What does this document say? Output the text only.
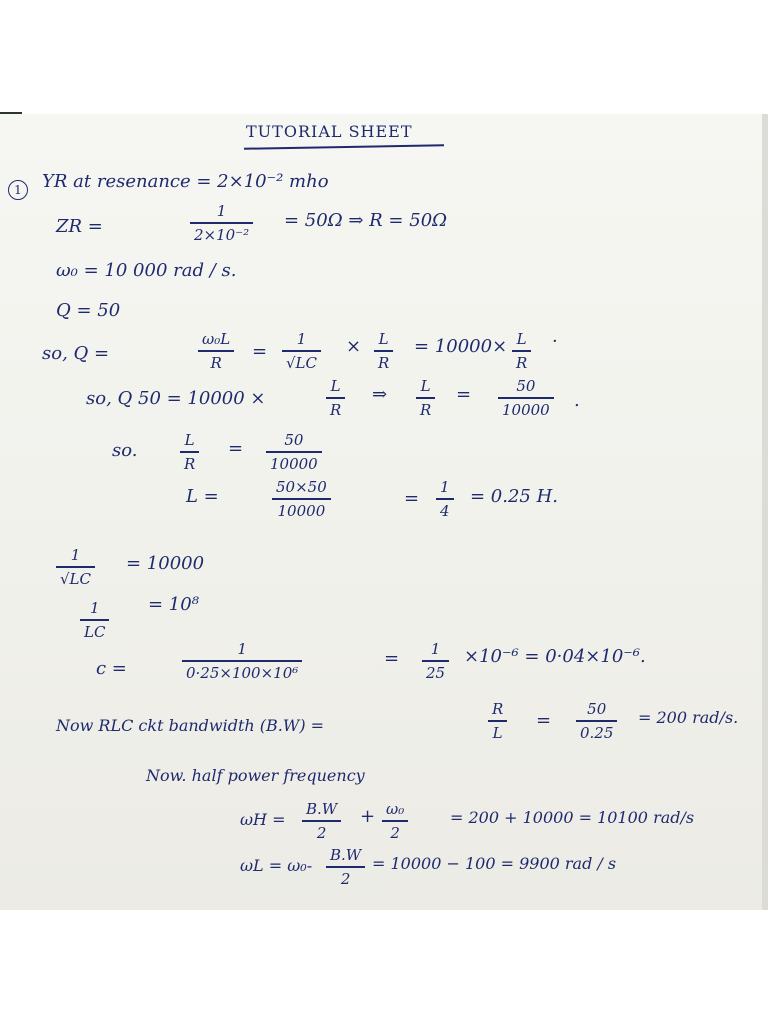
TUTORIAL SHEET
1	YR at resenance = 2×10⁻² mho
ZR =
1
2×10⁻²
= 50Ω ⇒ R = 50Ω
ω₀ = 10 000 rad / s.
Q = 50
so, Q =
ω₀L
R
=
1
√LC
× L
R
= 10000× L
R
·
so, Q 50 = 10000 ×
L
R
⇒ L
R
=	50
10000 .
so.	L
R
=	50
10000
L =	50×50
10000
=
1
4
= 0.25 H.
1
√LC
= 10000
1
LC
= 10⁸
c =
1
0·25×100×10⁶
= 1
25
×10⁻⁶ = 0·04×10⁻⁶.
Now RLC ckt bandwidth (B.W) =
R
L
=
50
0.25
= 200 rad/s.
Now. half power frequency
ωH =
B.W
2
+ ω₀
2
= 200 + 10000 = 10100 rad/s
ωL = ω₀-
B.W
2
= 10000 − 100 = 9900 rad / s
